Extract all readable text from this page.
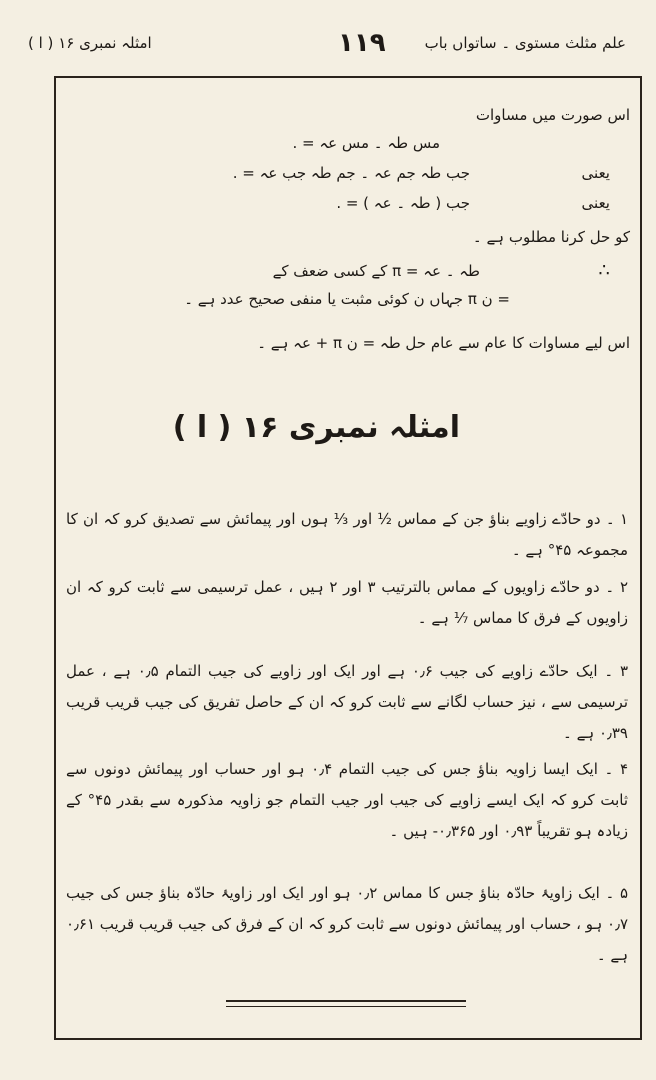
علم مثلث مستوی ۔ ساتواں باب
۱۱۹
امثلہ نمبری ۱۶ ( ا )
اس صورت میں مساوات
مس طہ ۔ مس عہ = .
یعنی
جب طہ جم عہ ۔ جم طہ جب عہ = .
یعنی
جب ( طہ ۔ عہ ) = .
کو حل کرنا مطلوب ہے ۔
∴
طہ ۔ عہ = π کے کسی ضعف کے
= ن π جہاں ن کوئی مثبت یا منفی صحیح عدد ہے ۔
اس لیے مساوات کا عام سے عام حل طہ = ن π + عہ ہے ۔
امثلہ نمبری ۱۶ ( ا )
۱ ۔ دو حادّے زاویے بناؤ جن کے مماس ½ اور ⅓ ہوں اور پیمائش سے تصدیق کرو کہ ان کا مجموعہ ۴۵° ہے ۔
۲ ۔ دو حادّے زاویوں کے مماس بالترتیب ۳ اور ۲ ہیں ، عمل ترسیمی سے ثابت کرو کہ ان زاویوں کے فرق کا مماس ⅐ ہے ۔
۳ ۔ ایک حادّے زاویے کی جیب ۰٫۶ ہے اور ایک اور زاویے کی جیب التمام ۰٫۵ ہے ، عمل ترسیمی سے ، نیز حساب لگانے سے ثابت کرو کہ ان کے حاصل تفریق کی جیب قریب قریب ۰٫۳۹ ہے ۔
۴ ۔ ایک ایسا زاویہ بناؤ جس کی جیب التمام ۰٫۴ ہو اور حساب اور پیمائش دونوں سے ثابت کرو کہ ایک ایسے زاویے کی جیب اور جیب التمام جو زاویہ مذکورہ سے بقدر ۴۵° کے زیادہ ہو تقریباً ۰٫۹۳ اور ۰٫۳۶۵- ہیں ۔
۵ ۔ ایک زاویۂ حادّہ بناؤ جس کا مماس ۰٫۲ ہو اور ایک اور زاویۂ حادّہ بناؤ جس کی جیب ۰٫۷ ہو ، حساب اور پیمائش دونوں سے ثابت کرو کہ ان کے فرق کی جیب قریب قریب ۰٫۶۱ ہے ۔
